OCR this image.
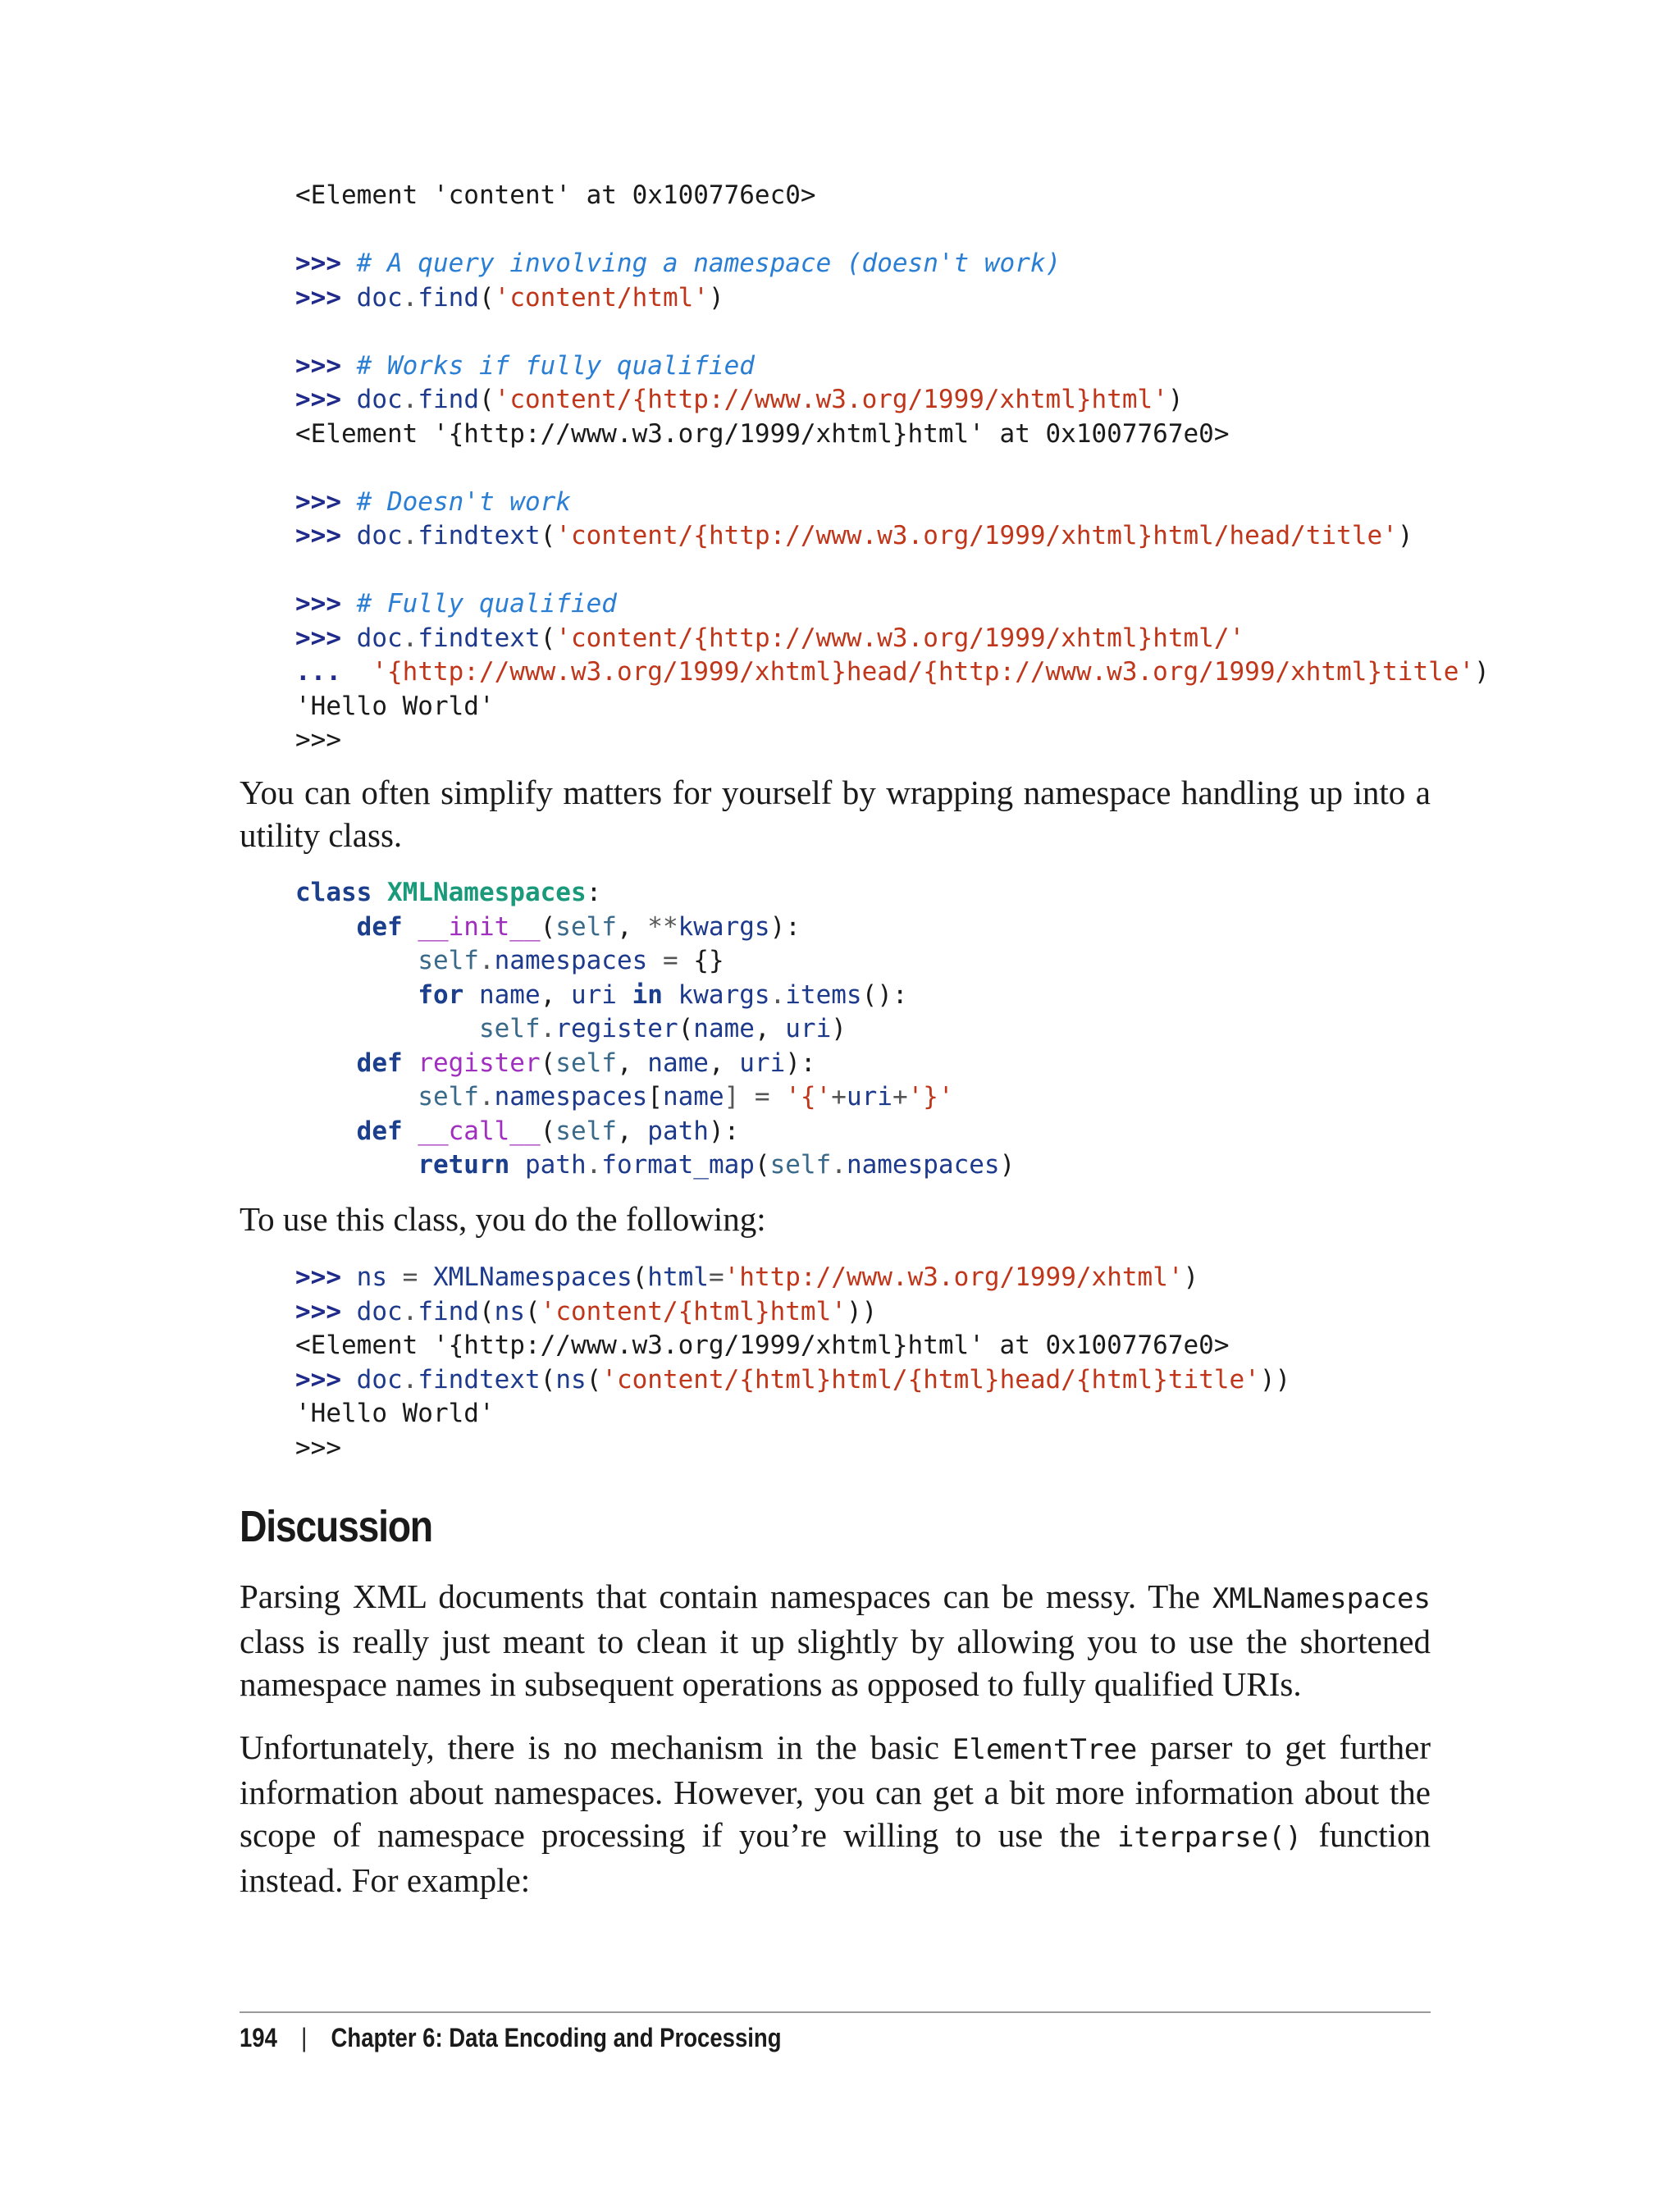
<Element 'content' at 0x100776ec0>

>>> # A query involving a namespace (doesn't work)
>>> doc.find('content/html')

>>> # Works if fully qualified
>>> doc.find('content/{http://www.w3.org/1999/xhtml}html')
<Element '{http://www.w3.org/1999/xhtml}html' at 0x1007767e0>

>>> # Doesn't work
>>> doc.findtext('content/{http://www.w3.org/1999/xhtml}html/head/title')

>>> # Fully qualified
>>> doc.findtext('content/{http://www.w3.org/1999/xhtml}html/'
...  '{http://www.w3.org/1999/xhtml}head/{http://www.w3.org/1999/xhtml}title')
'Hello World'
>>>

You can often simplify matters for yourself by wrapping namespace handling up into a utility class.

class XMLNamespaces:
def __init__(self, **kwargs):
self.namespaces = {}
for name, uri in kwargs.items():
self.register(name, uri)
def register(self, name, uri):
self.namespaces[name] = '{'+uri+'}'
def __call__(self, path):
return path.format_map(self.namespaces)

To use this class, you do the following:

>>> ns = XMLNamespaces(html='http://www.w3.org/1999/xhtml')
>>> doc.find(ns('content/{html}html'))
<Element '{http://www.w3.org/1999/xhtml}html' at 0x1007767e0>
>>> doc.findtext(ns('content/{html}html/{html}head/{html}title'))
'Hello World'
>>>
Discussion

Parsing XML documents that contain namespaces can be messy. The XMLNamespaces class is really just meant to clean it up slightly by allowing you to use the shortened namespace names in subsequent operations as opposed to fully qualified URIs.

Unfortunately, there is no mechanism in the basic ElementTree parser to get further information about namespaces. However, you can get a bit more information about the scope of namespace processing if you’re willing to use the iterparse() function instead. For example:

194 | Chapter 6: Data Encoding and Processing
